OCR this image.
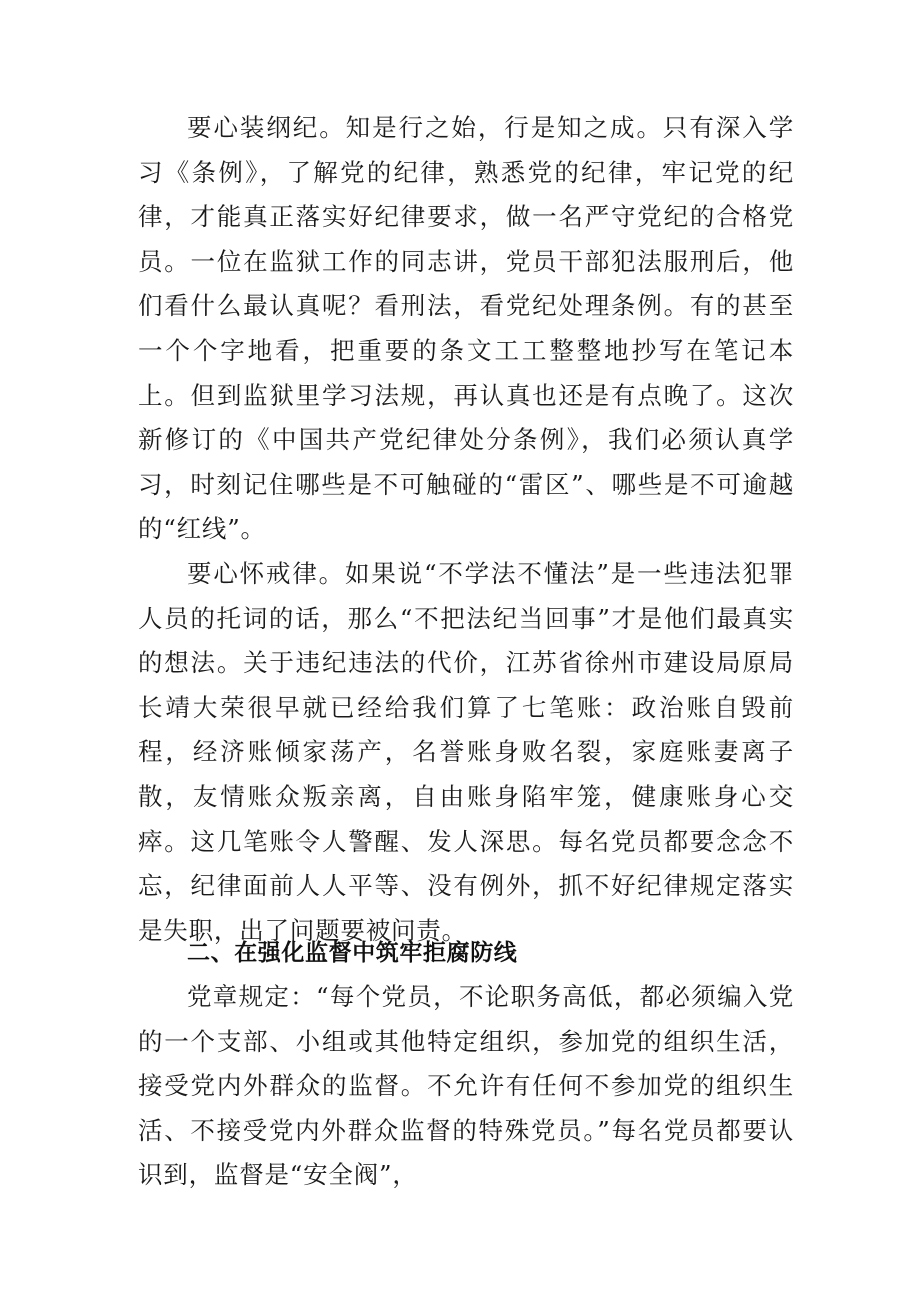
要心装纲纪。知是行之始，行是知之成。只有深入学习《条例》，了解党的纪律，熟悉党的纪律，牢记党的纪律，才能真正落实好纪律要求，做一名严守党纪的合格党员。一位在监狱工作的同志讲，党员干部犯法服刑后，他们看什么最认真呢？看刑法，看党纪处理条例。有的甚至一个个字地看，把重要的条文工工整整地抄写在笔记本上。但到监狱里学习法规，再认真也还是有点晚了。这次新修订的《中国共产党纪律处分条例》，我们必须认真学习，时刻记住哪些是不可触碰的“雷区”、哪些是不可逾越的“红线”。

要心怀戒律。如果说“不学法不懂法”是一些违法犯罪人员的托词的话，那么“不把法纪当回事”才是他们最真实的想法。关于违纪违法的代价，江苏省徐州市建设局原局长靖大荣很早就已经给我们算了七笔账：政治账自毁前程，经济账倾家荡产，名誉账身败名裂，家庭账妻离子散，友情账众叛亲离，自由账身陷牢笼，健康账身心交瘁。这几笔账令人警醒、发人深思。每名党员都要念念不忘，纪律面前人人平等、没有例外，抓不好纪律规定落实是失职，出了问题要被问责。

二、在强化监督中筑牢拒腐防线

党章规定：“每个党员，不论职务高低，都必须编入党的一个支部、小组或其他特定组织，参加党的组织生活，接受党内外群众的监督。不允许有任何不参加党的组织生活、不接受党内外群众监督的特殊党员。”每名党员都要认识到，监督是“安全阀”，
